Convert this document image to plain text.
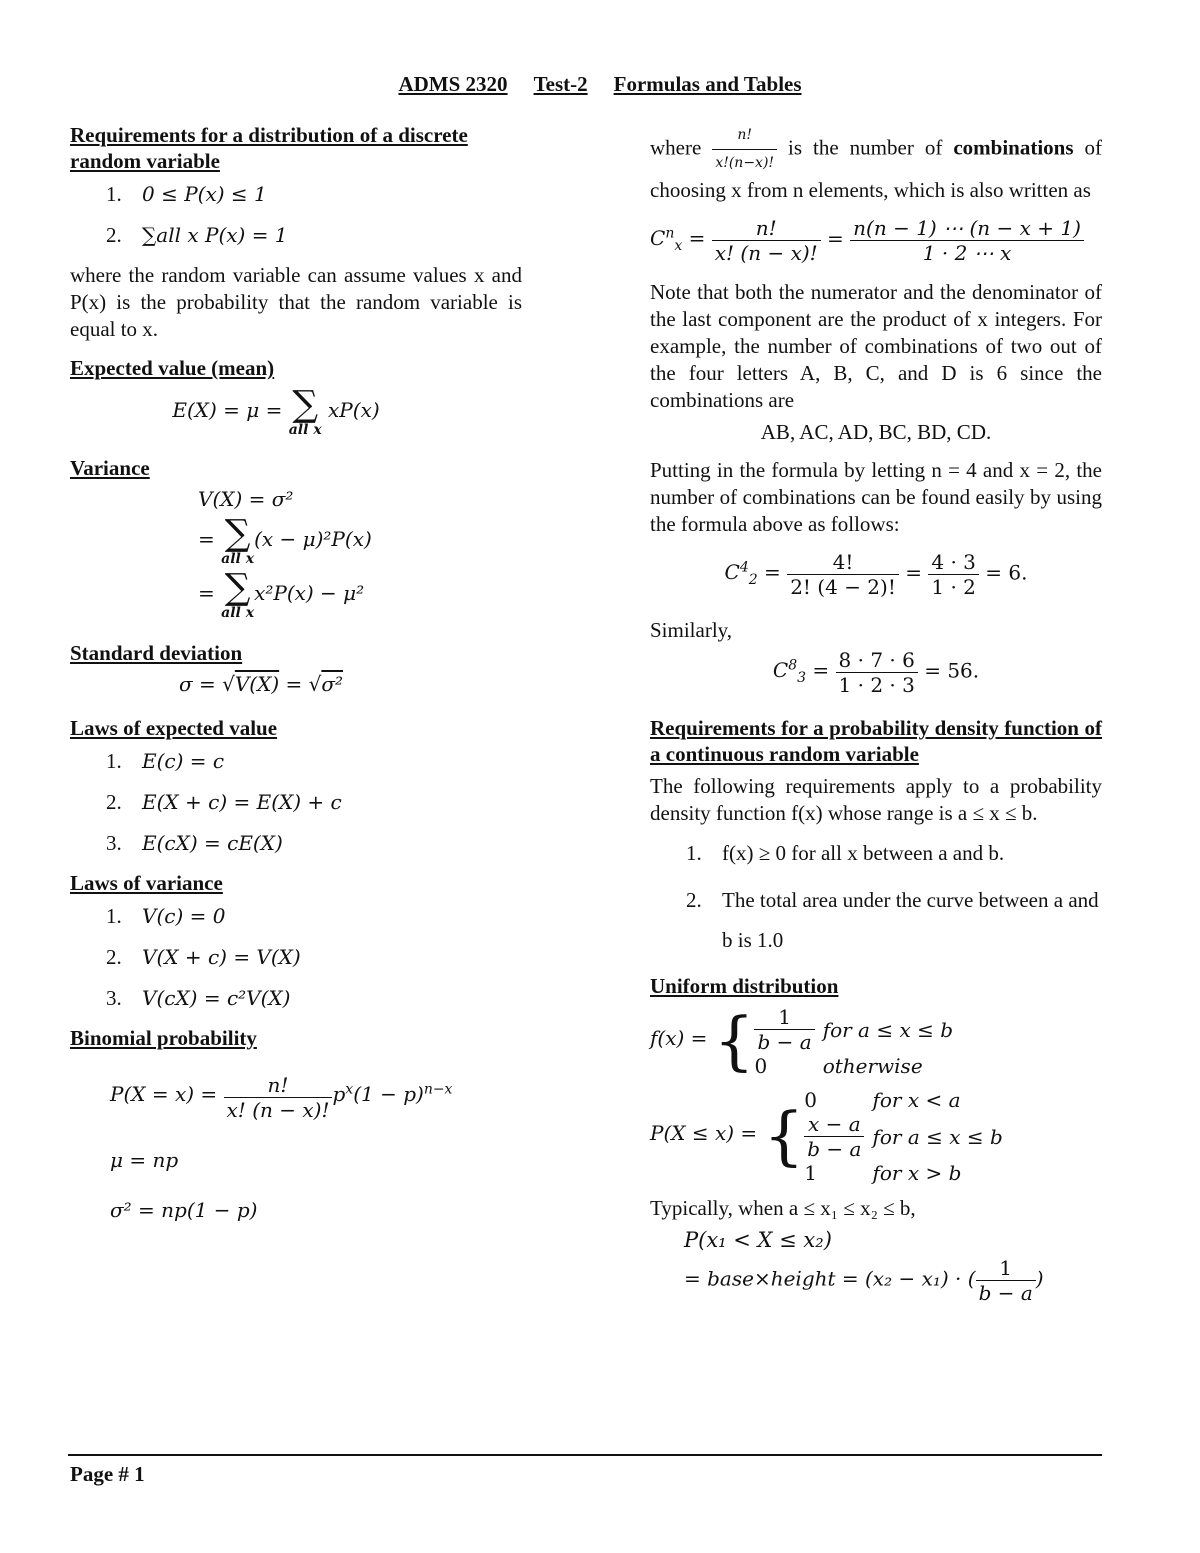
ADMS 2320 Test-2 Formulas and Tables
Requirements for a distribution of a discrete random variable
1. 0 ≤ P(x) ≤ 1
2. ∑all x P(x) = 1
where the random variable can assume values x and P(x) is the probability that the random variable is equal to x.
Expected value (mean)
E(X) = μ = ∑
all x
xP(x)
Variance
V(X) = σ²
= ∑
all x
(x − μ)²P(x)
= ∑
all x
x²P(x) − μ²
Standard deviation
σ = √V(X) = √σ²
Laws of expected value
1. E(c) = c
2. E(X + c) = E(X) + c
3. E(cX) = cE(X)
Laws of variance
1. V(c) = 0
2. V(X + c) = V(X)
3. V(cX) = c²V(X)
Binomial probability
$P(X = x) = \frac{n!}{x! (n - x)!} p^x(1 - p)^{n-x}$
μ = np
σ² = np(1 − p)
where $\frac{n!}{x!(n-x)!}$ is the number of combinations of choosing x from n elements, which is also written as
$C^n_x = \frac{n!}{x! (n - x)!} = \frac{n(n - 1) \cdots (n - x + 1)}{1 \cdot 2 \cdots x}$
Note that both the numerator and the denominator of the last component are the product of x integers. For example, the number of combinations of two out of the four letters A, B, C, and D is 6 since the combinations are
AB, AC, AD, BC, BD, CD.
Putting in the formula by letting n = 4 and x = 2, the number of combinations can be found easily by using the formula above as follows:
$C^4_2 = \frac{4!}{2! (4 - 2)!} = \frac{4 \cdot 3}{1 \cdot 2} = 6$.
Similarly,
$C^8_3 = \frac{8 \cdot 7 \cdot 6}{1 \cdot 2 \cdot 3} = 56$.
Requirements for a probability density function of a continuous random variable
The following requirements apply to a probability density function f(x) whose range is a ≤ x ≤ b.
1. f(x) ≥ 0 for all x between a and b.
2. The total area under the curve between a and b is 1.0
Uniform distribution
f(x) = { $\frac{1}{b - a}$	for a ≤ x ≤ b
0	otherwise
P(X ≤ x) = { 0	for x < a

$\frac{x - a}{b - a}$	for a ≤ x ≤ b
1	for x > b
Typically, when a ≤ x₁ ≤ x₂ ≤ b,
P(x₁ < X ≤ x₂)
= base×height = (x₂ − x₁) · ( $\frac{1}{b - a}$ )
Page # 1
